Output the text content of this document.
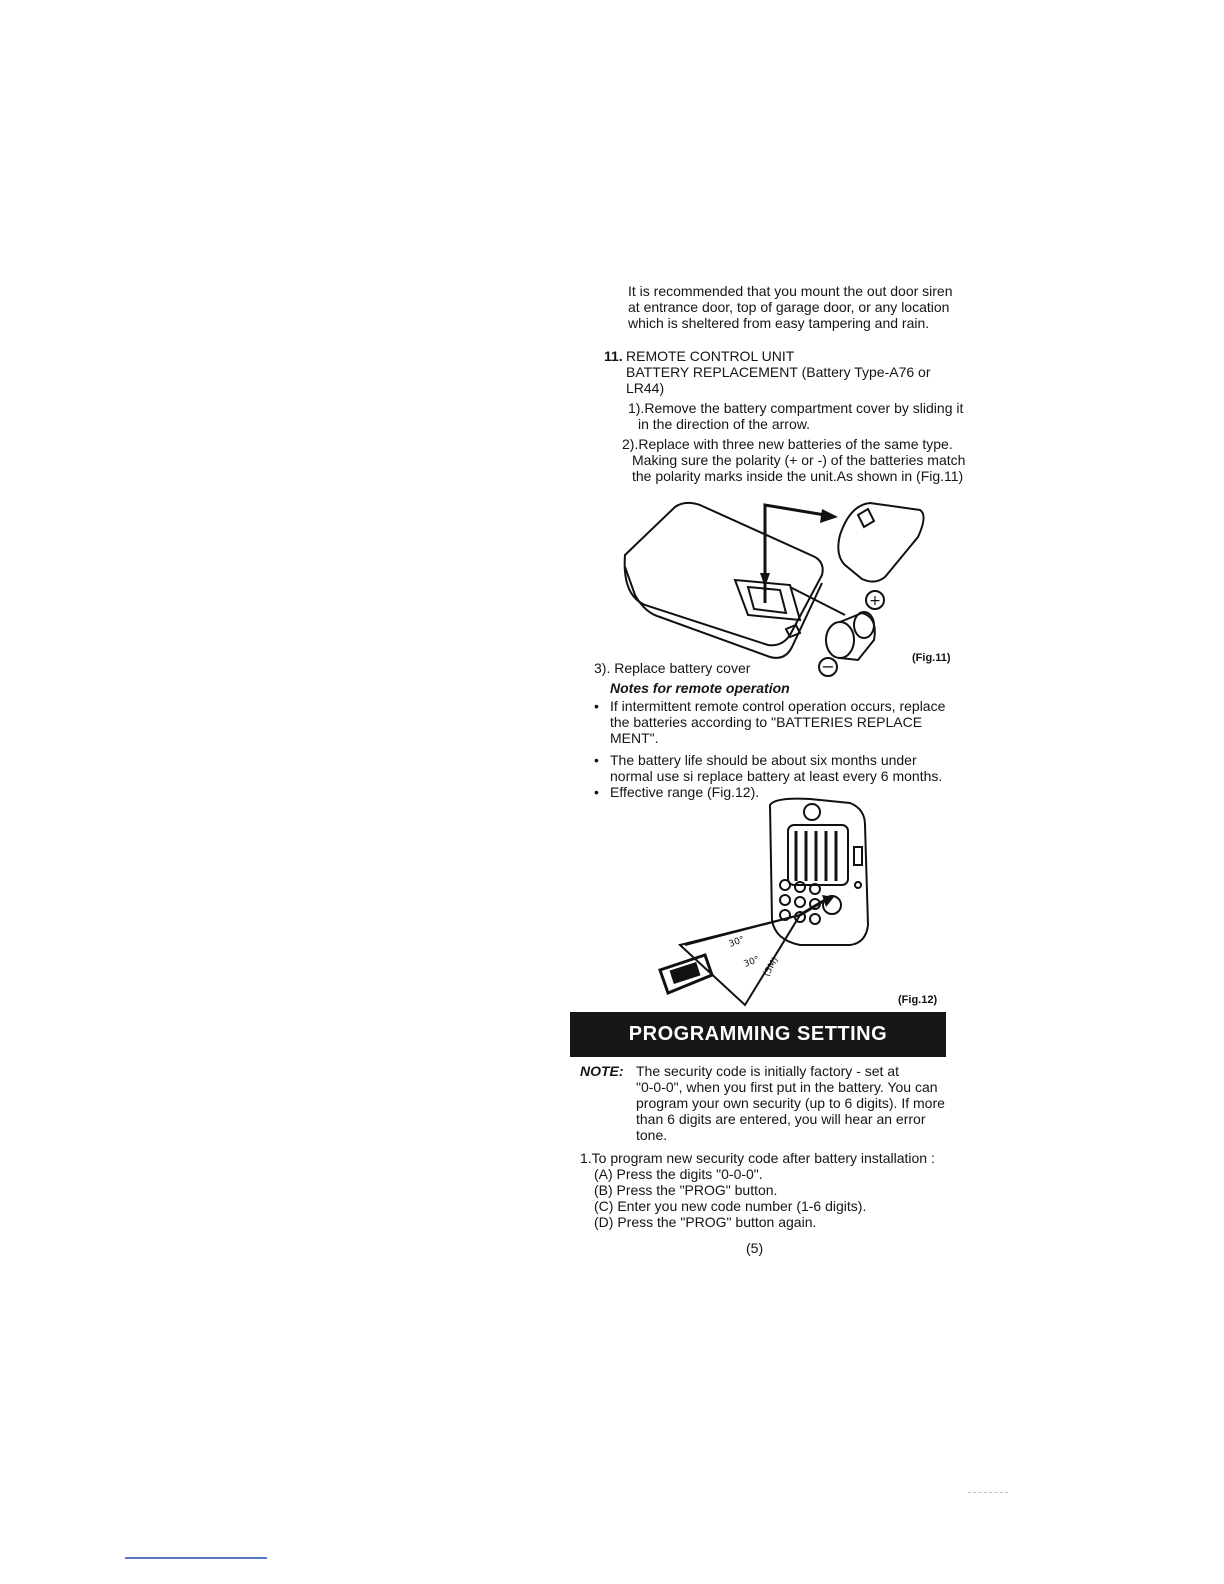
It is recommended that you mount the out door siren

at entrance door, top of garage door, or any location

which is sheltered from easy tampering and rain.

11. REMOTE CONTROL UNIT

BATTERY REPLACEMENT (Battery Type-A76 or

LR44)

1).Remove the battery compartment cover by sliding it
in the direction of the arrow.
2).Replace with three new batteries of the same type.
Making sure the polarity (+ or -) of the batteries match
the polarity marks inside the unit.As shown in (Fig.11)
+
−	(Fig.11)
3). Replace battery cover
Notes for remote operation
• If intermittent remote control operation occurs, replace
the batteries according to "BATTERIES REPLACE
MENT".
• The battery life should be about six months under
normal use si replace battery at least every 6 months.
• Effective range (Fig.12).
30°
30° (5M)
(Fig.12)
PROGRAMMING SETTING
NOTE: The security code is initially factory - set at
"0-0-0", when you first put in the battery. You can
program your own security (up to 6 digits). If more
than 6 digits are entered, you will hear an error
tone.

1.To program new security code after battery installation :

(A) Press the digits "0-0-0".

(B) Press the "PROG" button.

(C) Enter you new code number (1-6 digits).

(D) Press the "PROG" button again.

(5)
